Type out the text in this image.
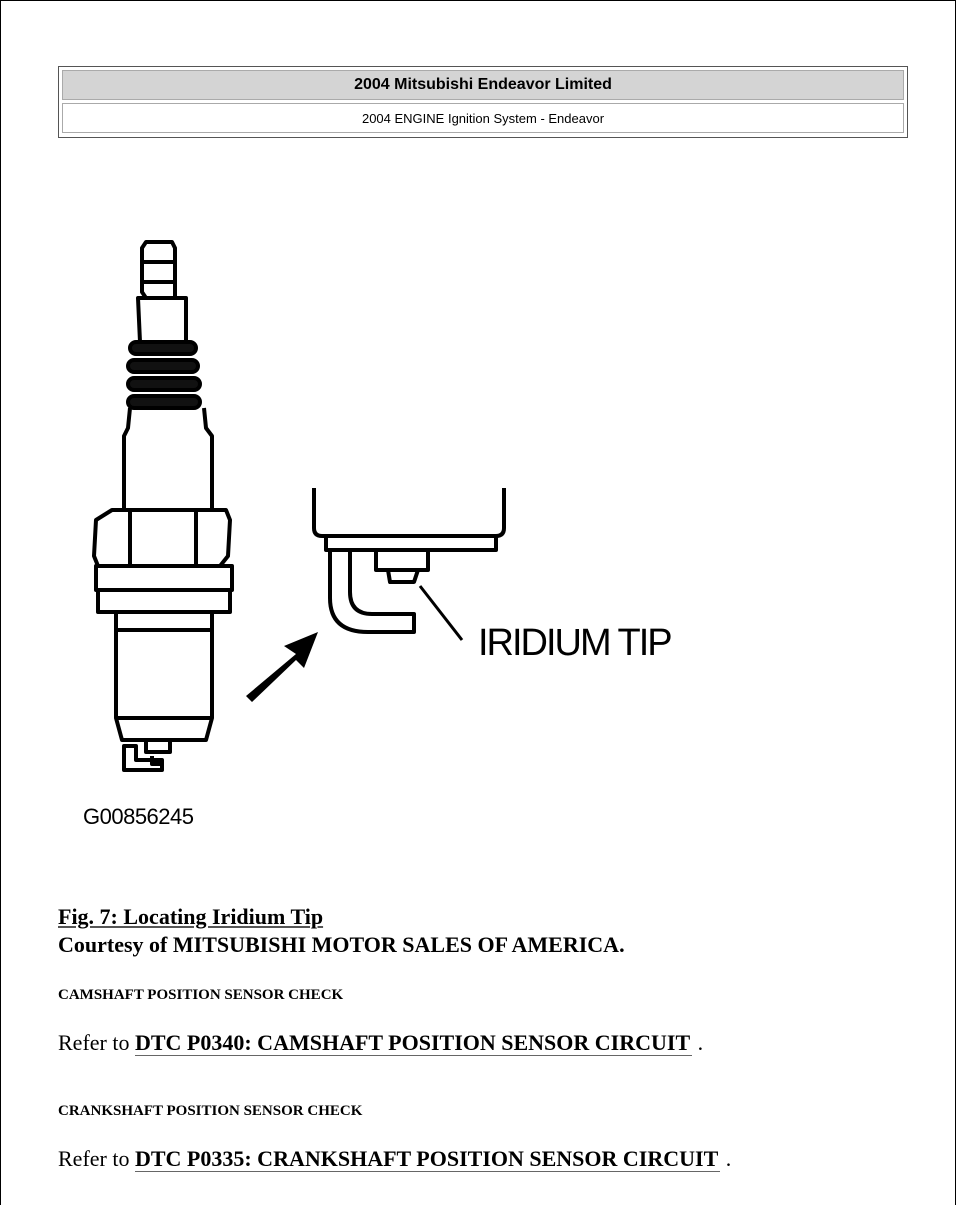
2004 Mitsubishi Endeavor Limited
2004 ENGINE Ignition System - Endeavor
IRIDIUM TIP
G00856245
Fig. 7: Locating Iridium Tip
Courtesy of MITSUBISHI MOTOR SALES OF AMERICA.
CAMSHAFT POSITION SENSOR CHECK
Refer to DTC P0340: CAMSHAFT POSITION SENSOR CIRCUIT .
CRANKSHAFT POSITION SENSOR CHECK
Refer to DTC P0335: CRANKSHAFT POSITION SENSOR CIRCUIT .
